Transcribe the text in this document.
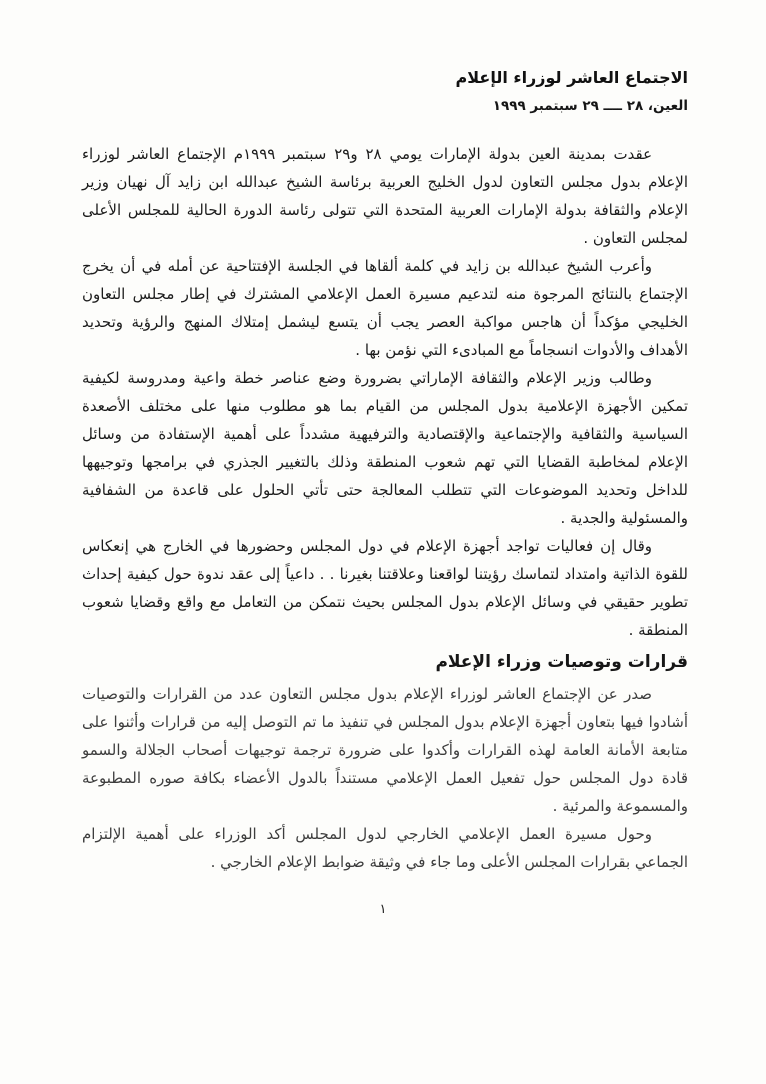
الاجتماع العاشر لوزراء الإعلام
العين، ٢٨ ــــ ٢٩ سبتمبر ١٩٩٩

عقدت بمدينة العين بدولة الإمارات يومي ٢٨ و٢٩ سبتمبر ١٩٩٩م الإجتماع العاشر لوزراء الإعلام بدول مجلس التعاون لدول الخليج العربية برئاسة الشيخ عبدالله ابن زايد آل نهيان وزير الإعلام والثقافة بدولة الإمارات العربية المتحدة التي تتولى رئاسة الدورة الحالية للمجلس الأعلى لمجلس التعاون .

وأعرب الشيخ عبدالله بن زايد في كلمة ألقاها في الجلسة الإفتتاحية عن أمله في أن يخرج الإجتماع بالنتائج المرجوة منه لتدعيم مسيرة العمل الإعلامي المشترك في إطار مجلس التعاون الخليجي مؤكداً أن هاجس مواكبة العصر يجب أن يتسع ليشمل إمتلاك المنهج والرؤية وتحديد الأهداف والأدوات انسجاماً مع المبادىء التي نؤمن بها .

وطالب وزير الإعلام والثقافة الإماراتي بضرورة وضع عناصر خطة واعية ومدروسة لكيفية تمكين الأجهزة الإعلامية بدول المجلس من القيام بما هو مطلوب منها على مختلف الأصعدة السياسية والثقافية والإجتماعية والإقتصادية والترفيهية مشدداً على أهمية الإستفادة من وسائل الإعلام لمخاطبة القضايا التي تهم شعوب المنطقة وذلك بالتغيير الجذري في برامجها وتوجيهها للداخل وتحديد الموضوعات التي تتطلب المعالجة حتى تأتي الحلول على قاعدة من الشفافية والمسئولية والجدية .

وقال إن فعاليات تواجد أجهزة الإعلام في دول المجلس وحضورها في الخارج هي إنعكاس للقوة الذاتية وامتداد لتماسك رؤيتنا لواقعنا وعلاقتنا بغيرنا . . داعياً إلى عقد ندوة حول كيفية إحداث تطوير حقيقي في وسائل الإعلام بدول المجلس بحيث نتمكن من التعامل مع واقع وقضايا شعوب المنطقة .

قرارات وتوصيات وزراء الإعلام

صدر عن الإجتماع العاشر لوزراء الإعلام بدول مجلس التعاون عدد من القرارات والتوصيات أشادوا فيها بتعاون أجهزة الإعلام بدول المجلس في تنفيذ ما تم التوصل إليه من قرارات وأثنوا على متابعة الأمانة العامة لهذه القرارات وأكدوا على ضرورة ترجمة توجيهات أصحاب الجلالة والسمو قادة دول المجلس حول تفعيل العمل الإعلامي مستنداً بالدول الأعضاء بكافة صوره المطبوعة والمسموعة والمرئية .

وحول مسيرة العمل الإعلامي الخارجي لدول المجلس أكد الوزراء على أهمية الإلتزام الجماعي بقرارات المجلس الأعلى وما جاء في وثيقة ضوابط الإعلام الخارجي .

١
